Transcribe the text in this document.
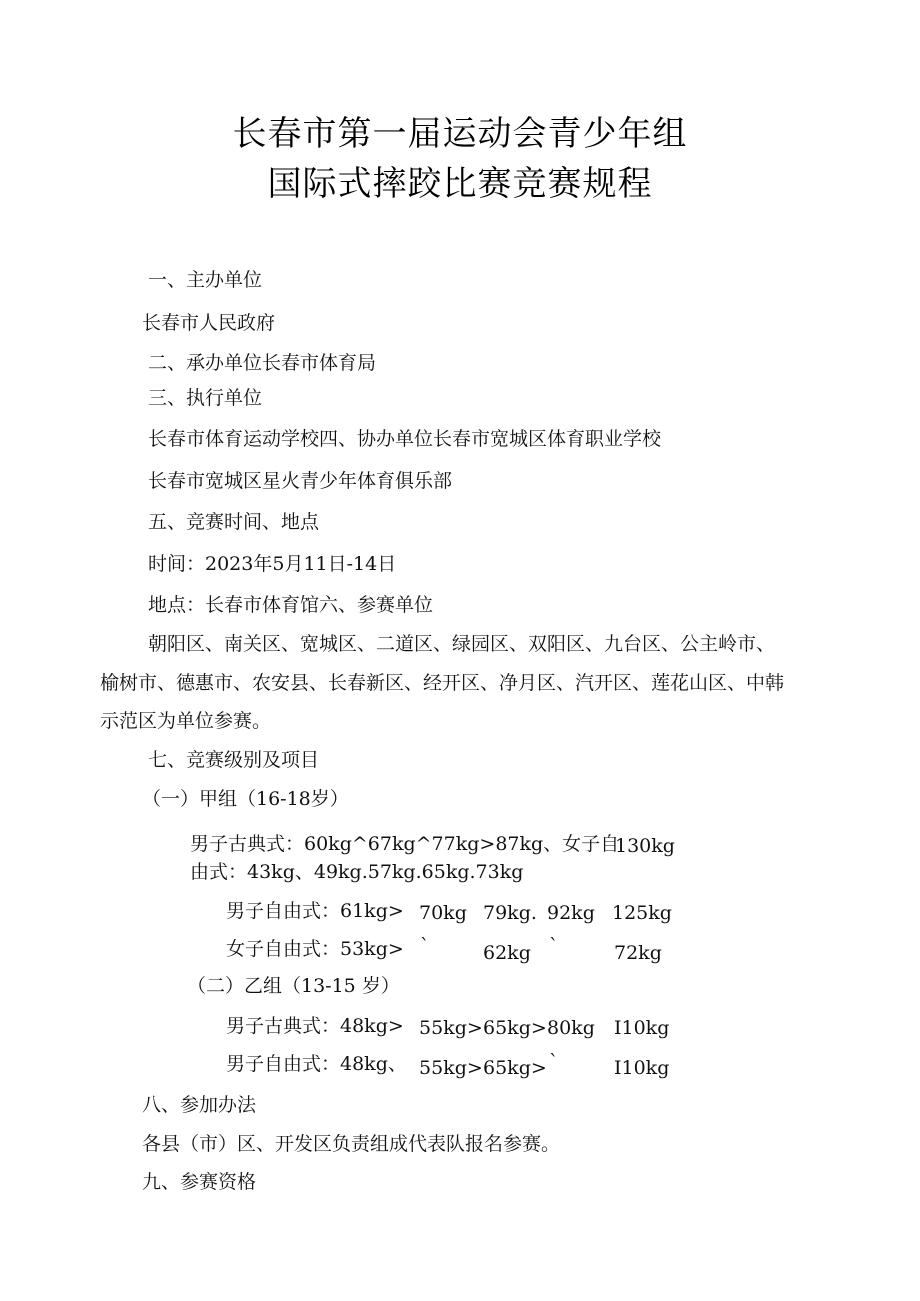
长春市第一届运动会青少年组
国际式摔跤比赛竞赛规程
一、主办单位
长春市人民政府
二、承办单位长春市体育局
三、执行单位
长春市体育运动学校四、协办单位长春市宽城区体育职业学校
长春市宽城区星火青少年体育俱乐部
五、竞赛时间、地点
时间：2023年5月11日-14日
地点：长春市体育馆六、参赛单位
朝阳区、南关区、宽城区、二道区、绿园区、双阳区、九台区、公主岭市、
榆树市、德惠市、农安县、长春新区、经开区、净月区、汽开区、莲花山区、中韩
示范区为单位参赛。
七、竞赛级别及项目
（一）甲组（16-18岁）
男子古典式：60kg^67kg^77kg>87kg、女子自
130kg
由式：43kg、49kg.57kg.65kg.73kg
男子自由式：61kg> 70kg 79kg. 92kg 125kg
女子自由式：53kg> `	62kg `	72kg
（二）乙组（13-15 岁）
男子古典式：48kg> 55kg> 65kg> 80kg I10kg
男子自由式：48kg、 55kg> 65kg> `	I10kg
八、参加办法
各县（市）区、开发区负责组成代表队报名参赛。
九、参赛资格
